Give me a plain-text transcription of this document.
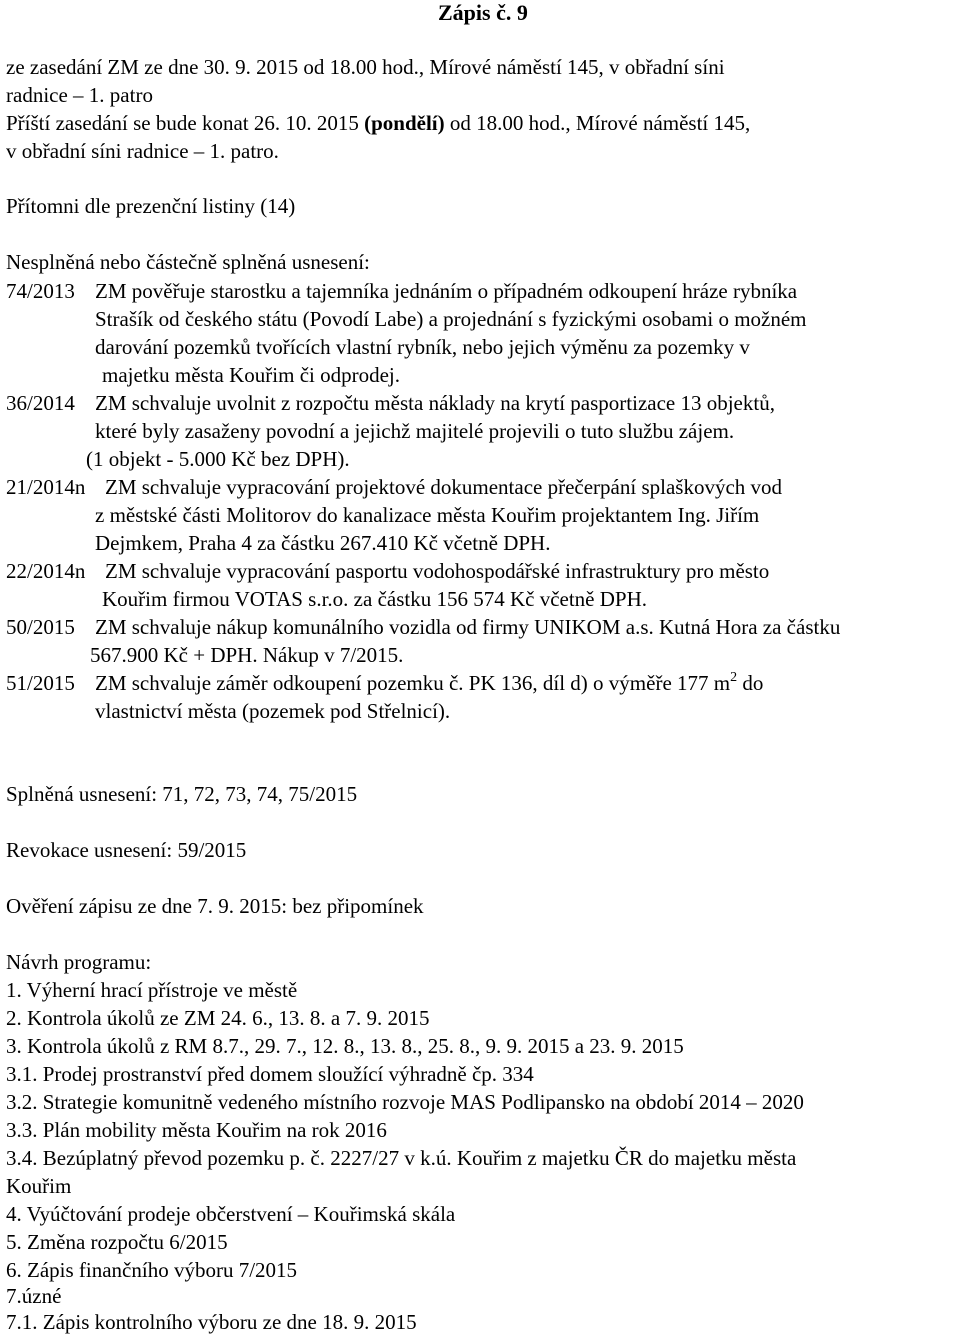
Zápis č. 9
ze zasedání ZM ze dne 30. 9. 2015 od 18.00 hod., Mírové náměstí 145, v obřadní síni
radnice – 1. patro
Příští zasedání se bude konat 26. 10. 2015 (pondělí) od 18.00 hod., Mírové náměstí 145,
v obřadní síni radnice – 1. patro.
Přítomni dle prezenční listiny (14)
Nesplněná nebo částečně splněná usnesení:
74/2013 ZM pověřuje starostku a tajemníka jednáním o případném odkoupení hráze rybníka
Strašík od českého státu (Povodí Labe) a projednání s fyzickými osobami o možném
darování pozemků tvořících vlastní rybník, nebo jejich výměnu za pozemky v
majetku města Kouřim či odprodej.
36/2014 ZM schvaluje uvolnit z rozpočtu města náklady na krytí pasportizace 13 objektů,
které byly zasaženy povodní a jejichž majitelé projevili o tuto službu zájem.
(1 objekt - 5.000 Kč bez DPH).
21/2014n ZM schvaluje vypracování projektové dokumentace přečerpání splaškových vod
z městské části Molitorov do kanalizace města Kouřim projektantem Ing. Jiřím
Dejmkem, Praha 4 za částku 267.410 Kč včetně DPH.
22/2014n ZM schvaluje vypracování pasportu vodohospodářské infrastruktury pro město
Kouřim firmou VOTAS s.r.o. za částku 156 574 Kč včetně DPH.
50/2015 ZM schvaluje nákup komunálního vozidla od firmy UNIKOM a.s. Kutná Hora za částku
567.900 Kč + DPH. Nákup v 7/2015.
51/2015 ZM schvaluje záměr odkoupení pozemku č. PK 136, díl d) o výměře 177 $m^2$ do
vlastnictví města (pozemek pod Střelnicí).
Splněná usnesení: 71, 72, 73, 74, 75/2015
Revokace usnesení: 59/2015
Ověření zápisu ze dne 7. 9. 2015: bez připomínek
Návrh programu:
1. Výherní hrací přístroje ve městě
2. Kontrola úkolů ze ZM 24. 6., 13. 8. a 7. 9. 2015
3. Kontrola úkolů z RM 8.7., 29. 7., 12. 8., 13. 8., 25. 8., 9. 9. 2015 a 23. 9. 2015
3.1. Prodej prostranství před domem sloužící výhradně čp. 334
3.2. Strategie komunitně vedeného místního rozvoje MAS Podlipansko na období 2014 – 2020
3.3. Plán mobility města Kouřim na rok 2016
3.4. Bezúplatný převod pozemku p. č. 2227/27 v k.ú. Kouřim z majetku ČR do majetku města
Kouřim
4. Vyúčtování prodeje občerstvení – Kouřimská skála
5. Změna rozpočtu 6/2015
6. Zápis finančního výboru 7/2015
7.úzné
7.1. Zápis kontrolního výboru ze dne 18. 9. 2015
